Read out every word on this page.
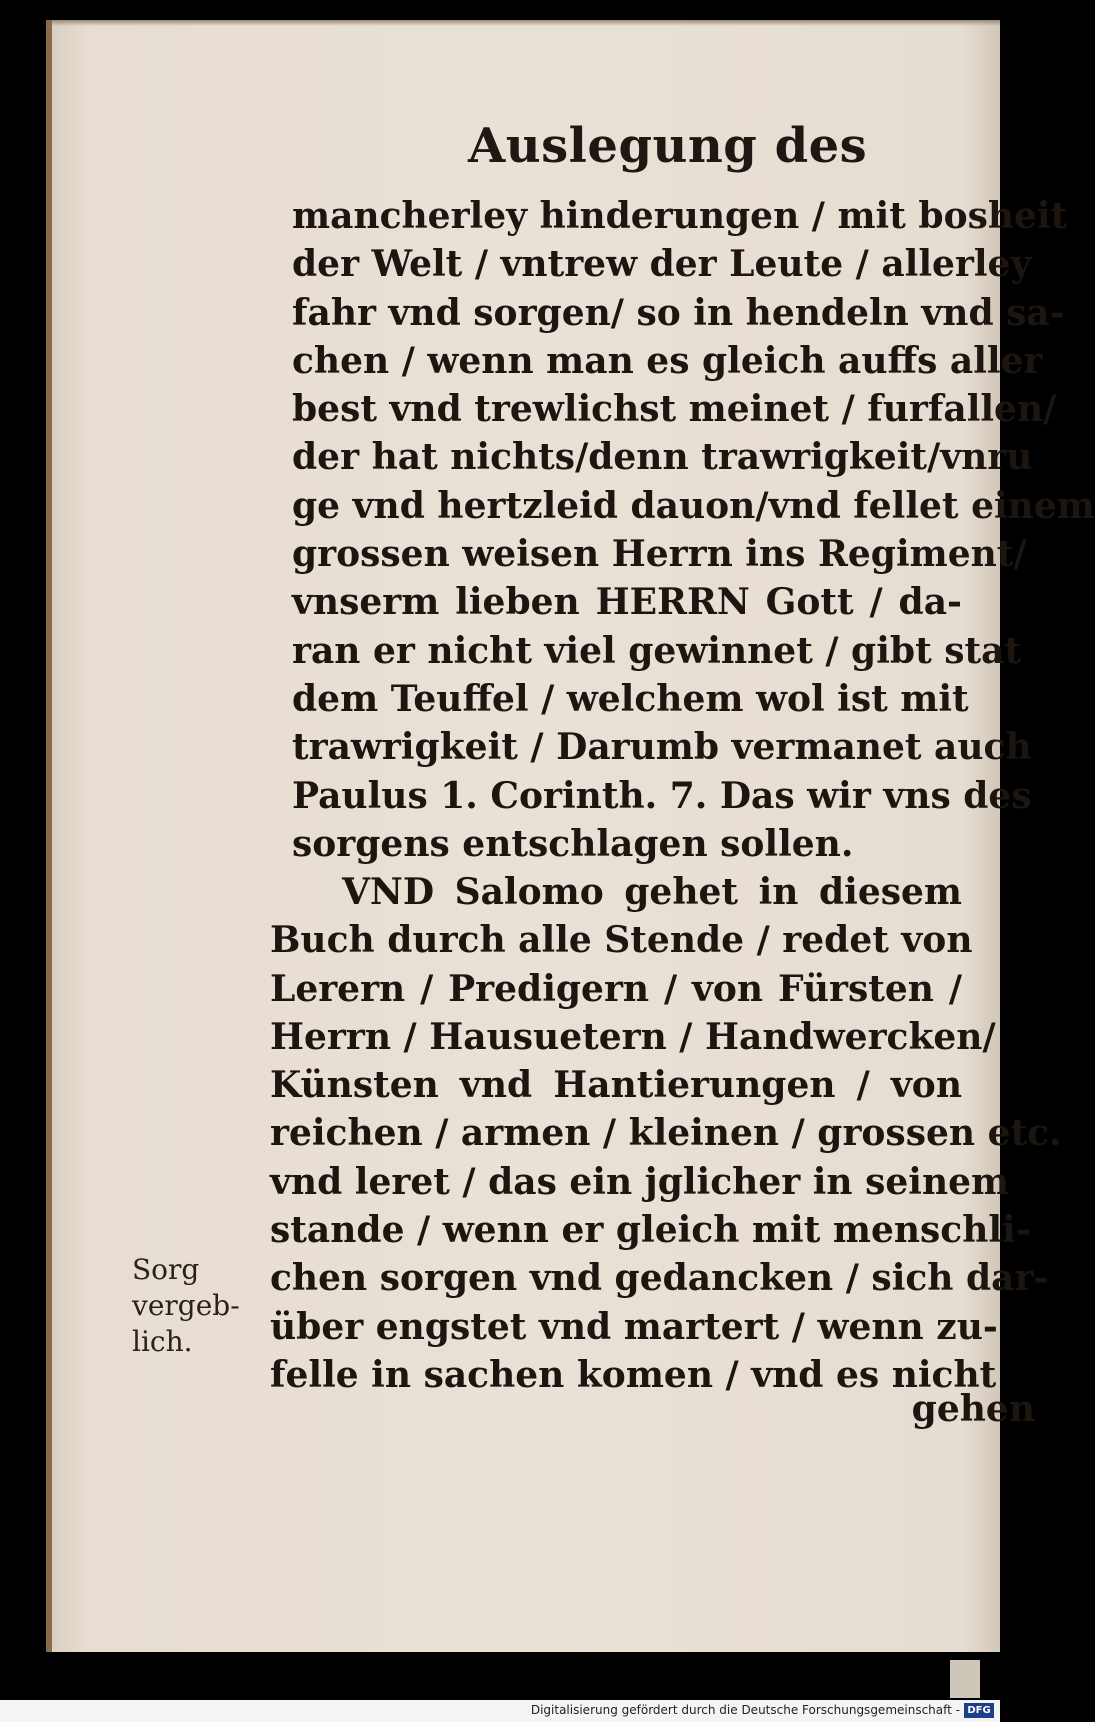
Auslegung des
mancherley hinderungen / mit bosheit
der Welt / vntrew der Leute / allerley
fahr vnd sorgen/ so in hendeln vnd sa-
chen / wenn man es gleich auffs aller
best vnd trewlichst meinet / furfallen/
der hat nichts/denn trawrigkeit/vnru
ge vnd hertzleid dauon/vnd fellet einem
grossen weisen Herrn ins Regiment/
vnserm lieben HERRN Gott / da-
ran er nicht viel gewinnet / gibt stat
dem Teuffel / welchem wol ist mit
trawrigkeit / Darumb vermanet auch
Paulus 1. Corinth. 7. Das wir vns des
sorgens entschlagen sollen.
VND Salomo gehet in diesem
Buch durch alle Stende / redet von
Lerern / Predigern / von Fürsten /
Herrn / Hausuetern / Handwercken/
Künsten vnd Hantierungen / von
reichen / armen / kleinen / grossen etc.
vnd leret / das ein jglicher in seinem
stande / wenn er gleich mit menschli-
chen sorgen vnd gedancken / sich dar-
über engstet vnd martert / wenn zu-
felle in sachen komen / vnd es nicht
gehen
Sorg
vergeb-
lich.
Digitalisierung gefördert durch die Deutsche Forschungsgemeinschaft - DFG
